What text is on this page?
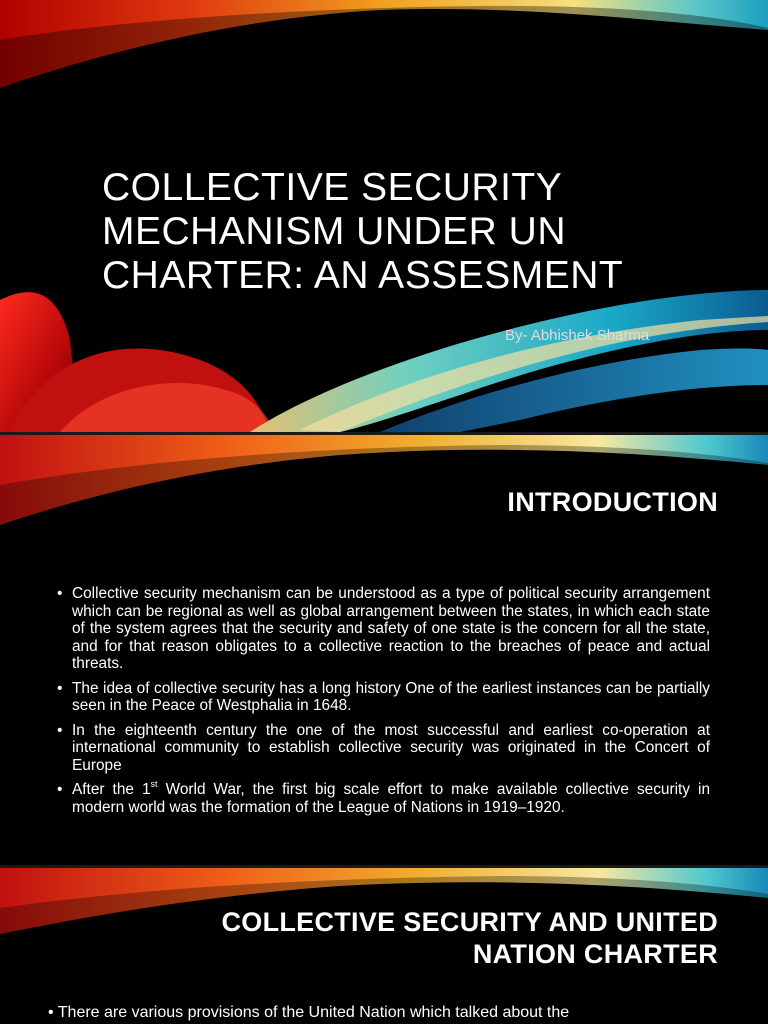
COLLECTIVE SECURITY
MECHANISM UNDER UN
CHARTER: AN ASSESMENT
By- Abhishek Sharma
INTRODUCTION
• Collective security mechanism can be understood as a type of political security arrangement which can be regional as well as global arrangement between the states, in which each state of the system agrees that the security and safety of one state is the concern for all the state, and for that reason obligates to a collective reaction to the breaches of peace and actual threats.
• The idea of collective security has a long history One of the earliest instances can be partially seen in the Peace of Westphalia in 1648.
• In the eighteenth century the one of the most successful and earliest co-operation at international community to establish collective security was originated in the Concert of Europe
• After the 1st World War, the first big scale effort to make available collective security in modern world was the formation of the League of Nations in 1919–1920.
COLLECTIVE SECURITY AND UNITED
NATION CHARTER
• There are various provisions of the United Nation which talked about the
